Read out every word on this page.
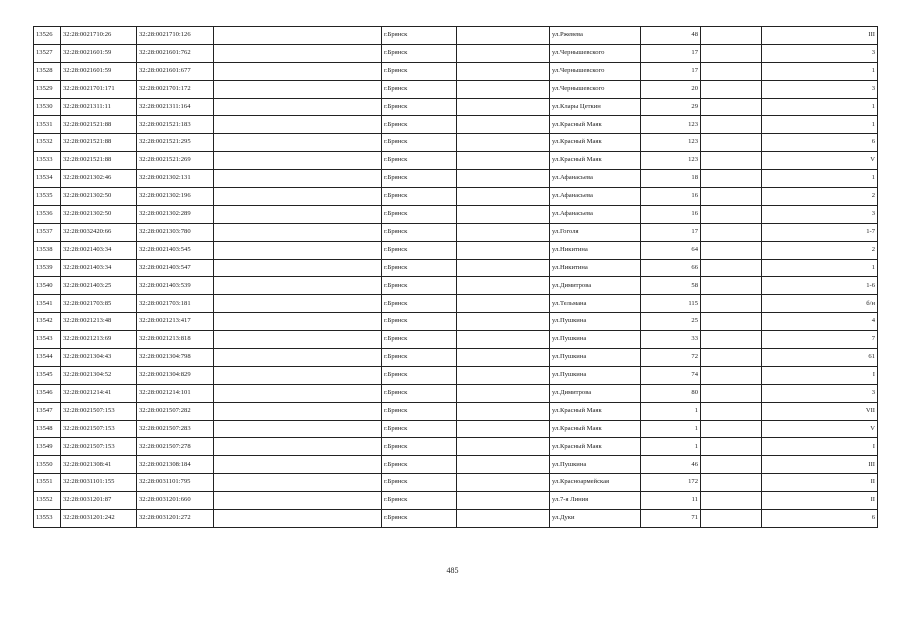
13526	32:28:0021710:26	32:28:0021710:126		г.Брянск		ул.Ржевева	48		III
13527	32:28:0021601:59	32:28:0021601:762		г.Брянск		ул.Чернышевского	17		3
13528	32:28:0021601:59	32:28:0021601:677		г.Брянск		ул.Чернышевского	17		1
13529	32:28:0021701:171	32:28:0021701:172		г.Брянск		ул.Чернышевского	20		3
13530	32:28:0021311:11	32:28:0021311:164		г.Брянск		ул.Клары Цеткин	29		1
13531	32:28:0021521:88	32:28:0021521:183		г.Брянск		ул.Красный Маяк	123		1
13532	32:28:0021521:88	32:28:0021521:295		г.Брянск		ул.Красный Маяк	123		6
13533	32:28:0021521:88	32:28:0021521:269		г.Брянск		ул.Красный Маяк	123		V
13534	32:28:0021302:46	32:28:0021302:131		г.Брянск		ул.Афанасьева	18		1
13535	32:28:0021302:50	32:28:0021302:196		г.Брянск		ул.Афанасьева	16		2
13536	32:28:0021302:50	32:28:0021302:289		г.Брянск		ул.Афанасьева	16		3
13537	32:28:0032420:66	32:28:0021303:780		г.Брянск		ул.Гоголя	17		1-7
13538	32:28:0021403:34	32:28:0021403:545		г.Брянск		ул.Никитина	64		2
13539	32:28:0021403:34	32:28:0021403:547		г.Брянск		ул.Никитина	66		1
13540	32:28:0021403:25	32:28:0021403:539		г.Брянск		ул.Димитрова	58		1-6
13541	32:28:0021703:85	32:28:0021703:181		г.Брянск		ул.Тельмана	115		б/н
13542	32:28:0021213:48	32:28:0021213:417		г.Брянск		ул.Пушкина	25		4
13543	32:28:0021213:69	32:28:0021213:818		г.Брянск		ул.Пушкина	33		7
13544	32:28:0021304:43	32:28:0021304:798		г.Брянск		ул.Пушкина	72		61
13545	32:28:0021304:52	32:28:0021304:829		г.Брянск		ул.Пушкина	74		I
13546	32:28:0021214:41	32:28:0021214:101		г.Брянск		ул.Димитрова	80		3
13547	32:28:0021507:153	32:28:0021507:282		г.Брянск		ул.Красный Маяк	1		VII
13548	32:28:0021507:153	32:28:0021507:283		г.Брянск		ул.Красный Маяк	1		V
13549	32:28:0021507:153	32:28:0021507:278		г.Брянск		ул.Красный Маяк	1		I
13550	32:28:0021308:41	32:28:0021308:184		г.Брянск		ул.Пушкина	46		III
13551	32:28:0031101:155	32:28:0031101:795		г.Брянск		ул.Красноармейская	172		II
13552	32:28:0031201:87	32:28:0031201:660		г.Брянск		ул.7-я Линия	11		II
13553	32:28:0031201:242	32:28:0031201:272		г.Брянск		ул.Дуки	71		6
485
